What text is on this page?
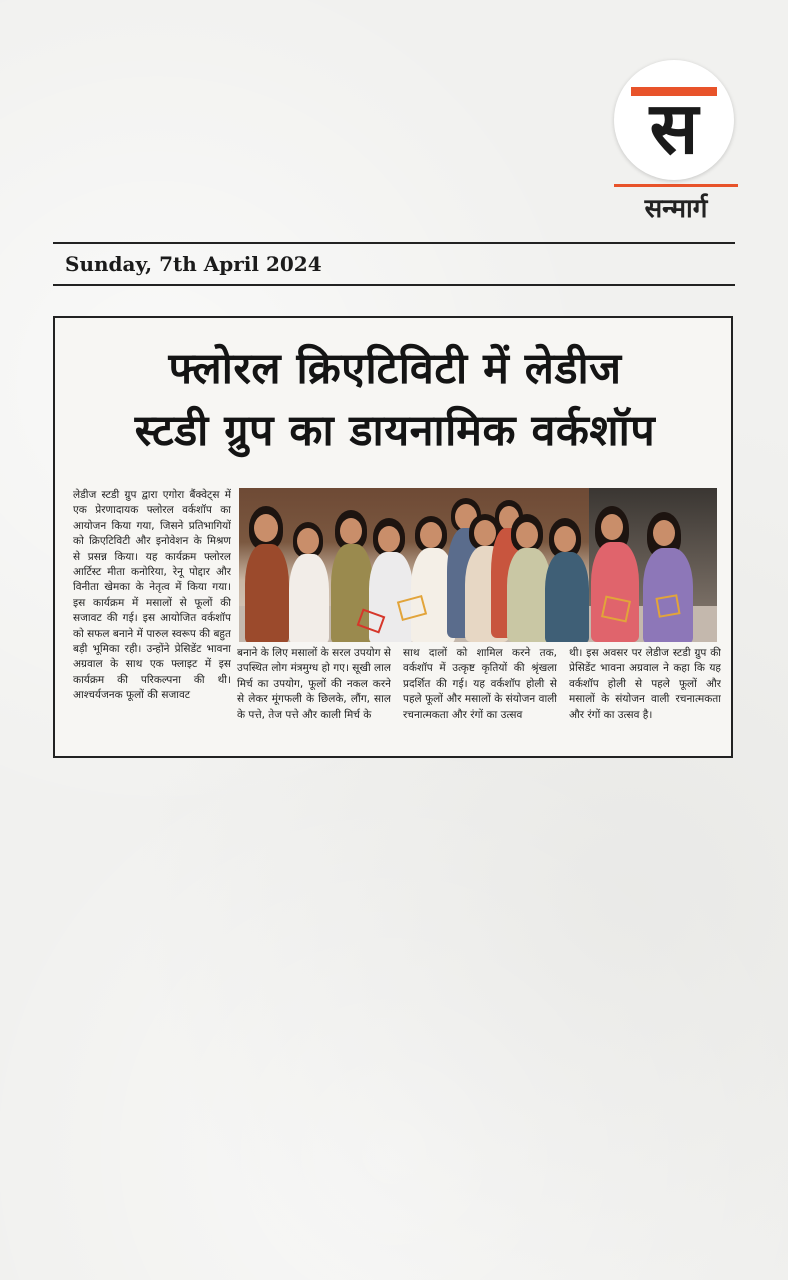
स
सन्मार्ग
Sunday, 7th April 2024
फ्लोरल क्रिएटिविटी में लेडीज
स्टडी ग्रुप का डायनामिक वर्कशॉप
लेडीज स्टडी ग्रुप द्वारा एगोरा बैंक्वेट्स में एक प्रेरणादायक फ्लोरल वर्कशॉप का आयोजन किया गया, जिसने प्रतिभागियों को क्रिएटिविटी और इनोवेशन के मिश्रण से प्रसन्न किया। यह कार्यक्रम फ्लोरल आर्टिस्ट मीता कनोरिया, रेनू पोद्दार और विनीता खेमका के नेतृत्व में किया गया। इस कार्यक्रम में मसालों से फूलों की सजावट की गई। इस आयोजित वर्कशॉप को सफल बनाने में पारुल स्वरूप की बहुत बड़ी भूमिका रही। उन्होंने प्रेसिडेंट भावना अग्रवाल के साथ एक फ्लाइट में इस कार्यक्रम की परिकल्पना की थी। आश्चर्यजनक फूलों की सजावट
बनाने के लिए मसालों के सरल उपयोग से उपस्थित लोग मंत्रमुग्ध हो गए। सूखी लाल मिर्च का उपयोग, फूलों की नकल करने से लेकर मूंगफली के छिलके, लौंग, साल के पत्ते, तेज पत्ते और काली मिर्च के
साथ दालों को शामिल करने तक, वर्कशॉप में उत्कृष्ट कृतियों की श्रृंखला प्रदर्शित की गई। यह वर्कशॉप होली से पहले फूलों और मसालों के संयोजन वाली रचनात्मकता और रंगों का उत्सव
थी। इस अवसर पर लेडीज स्टडी ग्रुप की प्रेसिडेंट भावना अग्रवाल ने कहा कि यह वर्कशॉप होली से पहले फूलों और मसालों के संयोजन वाली रचनात्मकता और रंगों का उत्सव है।
